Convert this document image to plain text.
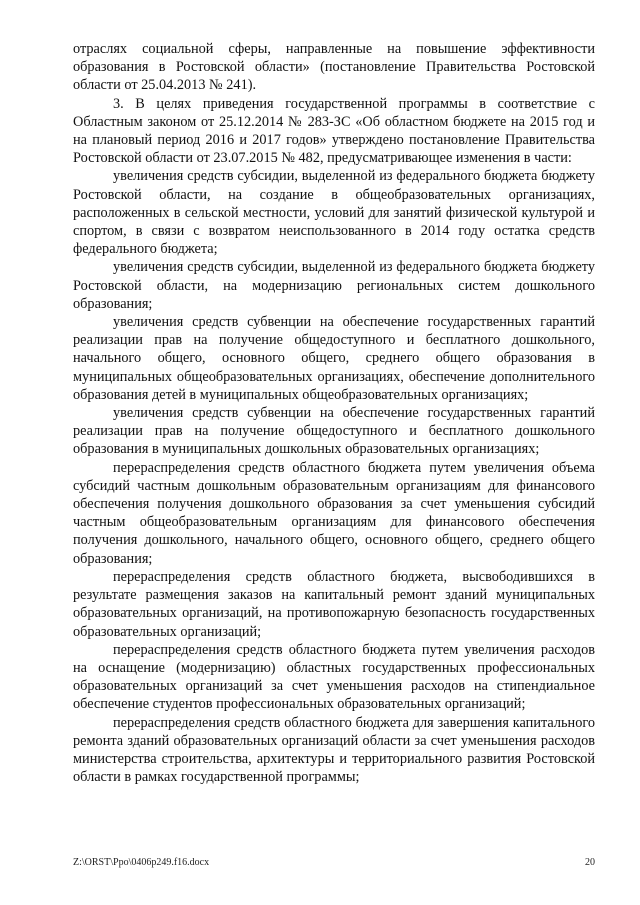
отраслях социальной сферы, направленные на повышение эффективности образования в Ростовской области» (постановление Правительства Ростовской области от 25.04.2013 № 241).

3. В целях приведения государственной программы в соответствие с Областным законом от 25.12.2014 № 283-ЗС «Об областном бюджете на 2015 год и на плановый период 2016 и 2017 годов» утверждено постановление Правительства Ростовской области от 23.07.2015 № 482, предусматривающее изменения в части:

увеличения средств субсидии, выделенной из федерального бюджета бюджету Ростовской области, на создание в общеобразовательных организациях, расположенных в сельской местности, условий для занятий физической культурой и спортом, в связи с возвратом неиспользованного в 2014 году остатка средств федерального бюджета;

увеличения средств субсидии, выделенной из федерального бюджета бюджету Ростовской области, на модернизацию региональных систем дошкольного образования;

увеличения средств субвенции на обеспечение государственных гарантий реализации прав на получение общедоступного и бесплатного дошкольного, начального общего, основного общего, среднего общего образования в муниципальных общеобразовательных организациях, обеспечение дополнительного образования детей в муниципальных общеобразовательных организациях;

увеличения средств субвенции на обеспечение государственных гарантий реализации прав на получение общедоступного и бесплатного дошкольного образования в муниципальных дошкольных образовательных организациях;

перераспределения средств областного бюджета путем увеличения объема субсидий частным дошкольным образовательным организациям для финансового обеспечения получения дошкольного образования за счет уменьшения субсидий частным общеобразовательным организациям для финансового обеспечения получения дошкольного, начального общего, основного общего, среднего общего образования;

перераспределения средств областного бюджета, высвободившихся в результате размещения заказов на капитальный ремонт зданий муниципальных образовательных организаций, на противопожарную безопасность государственных образовательных организаций;

перераспределения средств областного бюджета путем увеличения расходов на оснащение (модернизацию) областных государственных профессиональных образовательных организаций за счет уменьшения расходов на стипендиальное обеспечение студентов профессиональных образовательных организаций;

перераспределения средств областного бюджета для завершения капитального ремонта зданий образовательных организаций области за счет уменьшения расходов министерства строительства, архитектуры и территориального развития Ростовской области в рамках государственной программы;

Z:\ORST\Ppo\0406p249.f16.docx	20
